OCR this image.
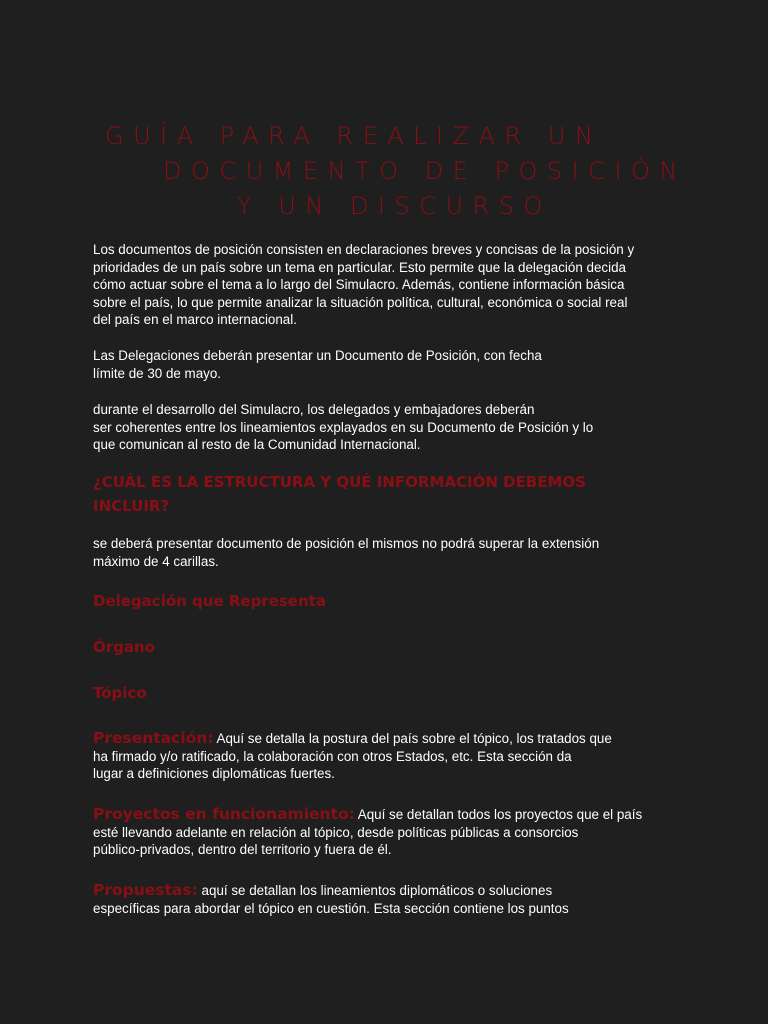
GUÍA PARA REALIZAR UN
DOCUMENTO DE POSICIÓN
Y UN DISCURSO

Los documentos de posición consisten en declaraciones breves y concisas de la posición y
prioridades de un país sobre un tema en particular. Esto permite que la delegación decida
cómo actuar sobre el tema a lo largo del Simulacro. Además, contiene información básica
sobre el país, lo que permite analizar la situación política, cultural, económica o social real
del país en el marco internacional.

Las Delegaciones deberán presentar un Documento de Posición, con fecha
límite de 30 de mayo.

durante el desarrollo del Simulacro, los delegados y embajadores deberán
ser coherentes entre los lineamientos explayados en su Documento de Posición y lo
que comunican al resto de la Comunidad Internacional.

¿CUÁL ES LA ESTRUCTURA Y QUÉ INFORMACIÓN DEBEMOS
INCLUIR?

se deberá presentar documento de posición el mismos no podrá superar la extensión
máximo de 4 carillas.

Delegación que Representa
Órgano
Tópico

Presentación: Aquí se detalla la postura del país sobre el tópico, los tratados que
ha firmado y/o ratificado, la colaboración con otros Estados, etc. Esta sección da
lugar a definiciones diplomáticas fuertes.

Proyectos en funcionamiento: Aquí se detallan todos los proyectos que el país
esté llevando adelante en relación al tópico, desde políticas públicas a consorcios
público-privados, dentro del territorio y fuera de él.

Propuestas: aquí se detallan los lineamientos diplomáticos o soluciones
específicas para abordar el tópico en cuestión. Esta sección contiene los puntos
